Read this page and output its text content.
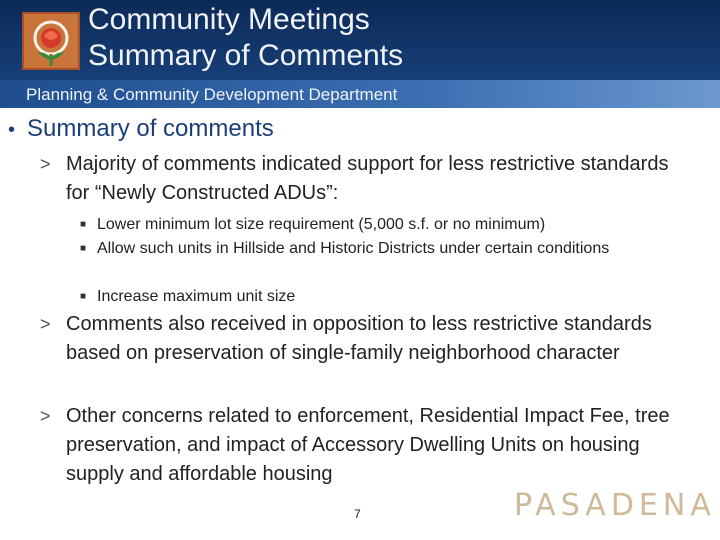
Community Meetings
Summary of Comments
Planning & Community Development Department
• Summary of comments
> Majority of comments indicated support for less restrictive standards for “Newly Constructed ADUs”:
■ Lower minimum lot size requirement (5,000 s.f. or no minimum)
■ Allow such units in Hillside and Historic Districts under certain conditions
■ Increase maximum unit size
> Comments also received in opposition to less restrictive standards based on preservation of single-family neighborhood character
> Other concerns related to enforcement, Residential Impact Fee, tree preservation, and impact of Accessory Dwelling Units on housing supply and affordable housing
PASADENA
7
